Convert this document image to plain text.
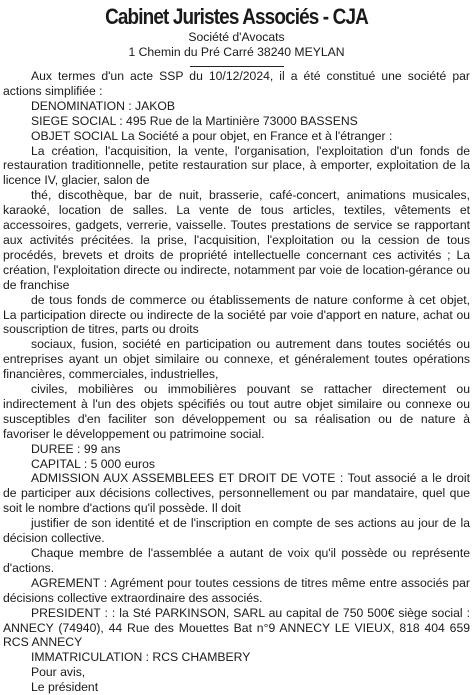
Cabinet Juristes Associés - CJA
Société d'Avocats
1 Chemin du Pré Carré 38240 MEYLAN

Aux termes d'un acte SSP du 10/12/2024, il a été constitué une société par actions simplifiée :

DENOMINATION : JAKOB

SIEGE SOCIAL : 495 Rue de la Martinière 73000 BASSENS

OBJET SOCIAL La Société a pour objet, en France et à l'étranger :

La création, l'acquisition, la vente, l'organisation, l'exploitation d'un fonds de restauration traditionnelle, petite restauration sur place, à emporter, exploitation de la licence IV, glacier, salon de

thé, discothèque, bar de nuit, brasserie, café-concert, animations musicales, karaoké, location de salles. La vente de tous articles, textiles, vêtements et accessoires, gadgets, verrerie, vaisselle. Toutes prestations de service se rapportant aux activités précitées. la prise, l'acquisition, l'exploitation ou la cession de tous procédés, brevets et droits de propriété intellectuelle concernant ces activités ; La création, l'exploitation directe ou indirecte, notamment par voie de location-gérance ou de franchise

de tous fonds de commerce ou établissements de nature conforme à cet objet, La participation directe ou indirecte de la société par voie d'apport en nature, achat ou souscription de titres, parts ou droits

sociaux, fusion, société en participation ou autrement dans toutes sociétés ou entreprises ayant un objet similaire ou connexe, et généralement toutes opérations financières, commerciales, industrielles,

civiles, mobilières ou immobilières pouvant se rattacher directement ou indirectement à l'un des objets spécifiés ou tout autre objet similaire ou connexe ou susceptibles d'en faciliter son développement ou sa réalisation ou de nature à favoriser le développement ou patrimoine social.

DUREE : 99 ans

CAPITAL : 5 000 euros

ADMISSION AUX ASSEMBLEES ET DROIT DE VOTE : Tout associé a le droit de participer aux décisions collectives, personnellement ou par mandataire, quel que soit le nombre d'actions qu'il possède. Il doit

justifier de son identité et de l'inscription en compte de ses actions au jour de la décision collective.

Chaque membre de l'assemblée a autant de voix qu'il possède ou représente d'actions.

AGREMENT : Agrément pour toutes cessions de titres même entre associés par décisions collective extraordinaire des associés.

PRESIDENT : : la Sté PARKINSON, SARL au capital de 750 500€ siège social : ANNECY (74940), 44 Rue des Mouettes Bat n°9 ANNECY LE VIEUX, 818 404 659 RCS ANNECY

IMMATRICULATION : RCS CHAMBERY

Pour avis,

Le président
